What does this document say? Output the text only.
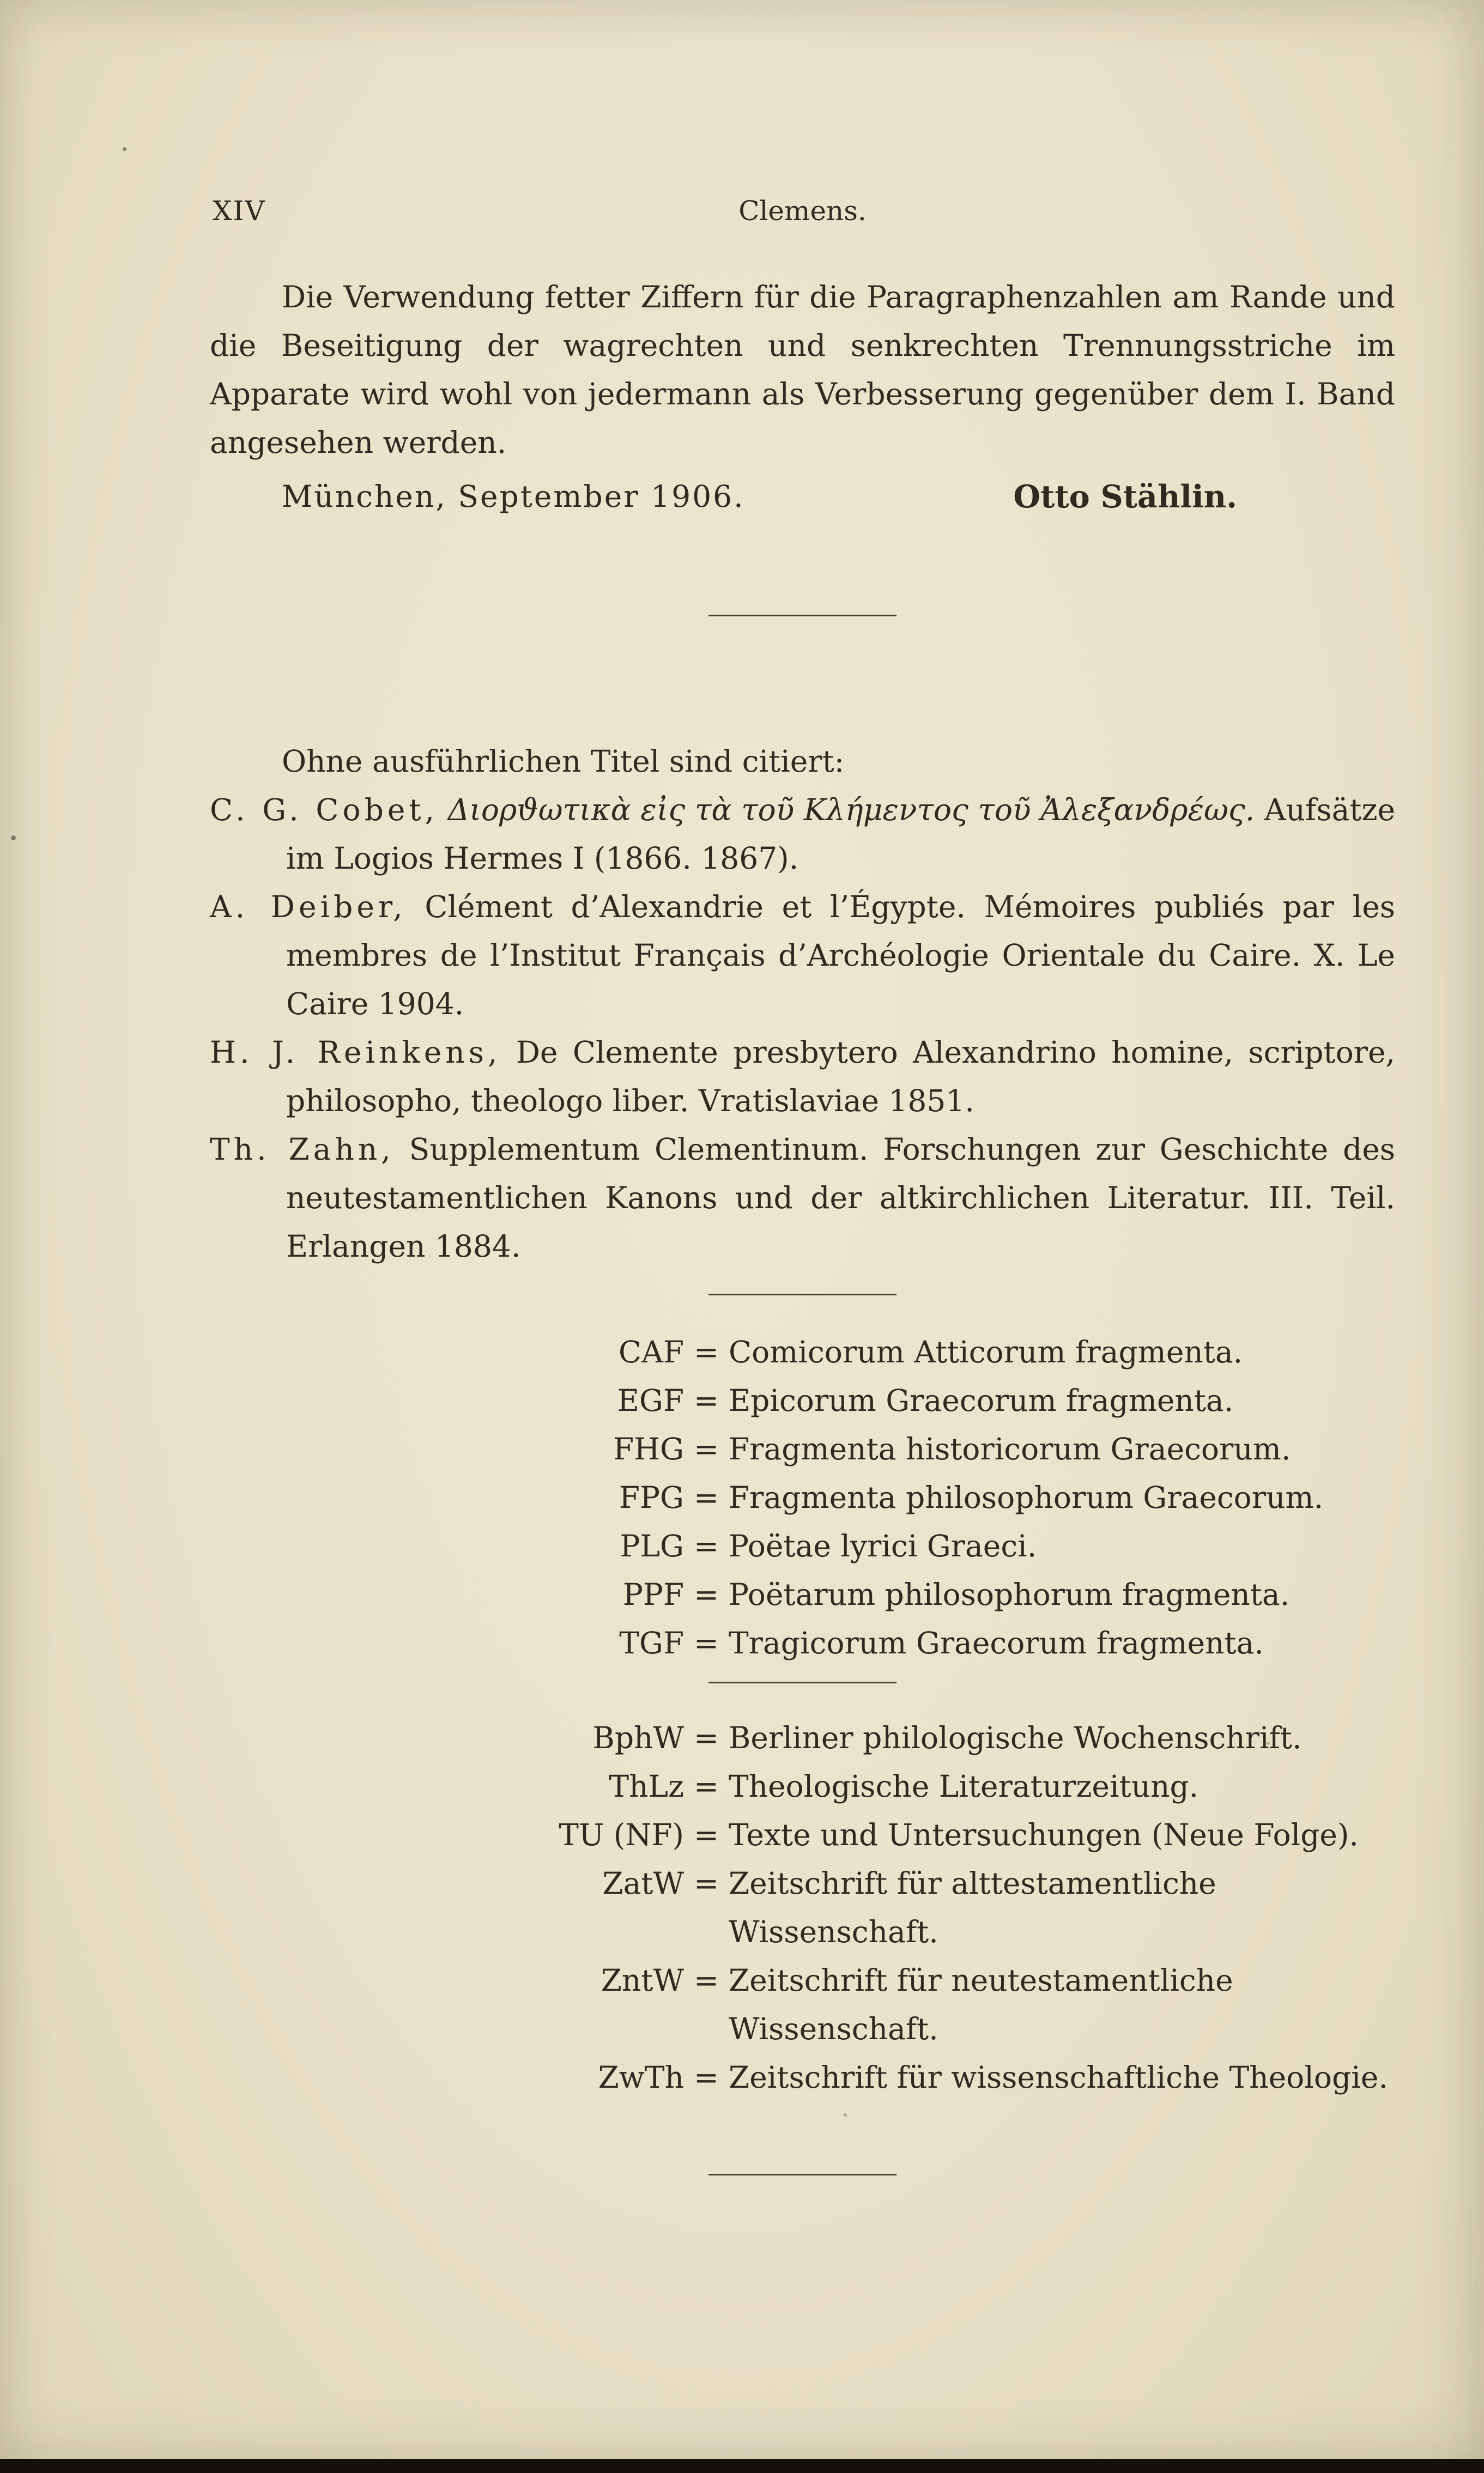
XIV	Clemens.
Die Verwendung fetter Ziffern für die Paragraphenzahlen am Rande und die Beseitigung der wagrechten und senkrechten Trennungsstriche im Apparate wird wohl von jedermann als Verbesserung gegenüber dem I. Band angesehen werden.
München, September 1906.	Otto Stählin.
Ohne ausführlichen Titel sind citiert:
C. G. Cobet, Διορϑωτικὰ εἰς τὰ τοῦ Κλήμεντος τοῦ Ἀλεξανδρέως. Aufsätze im Logios Hermes I (1866. 1867).
A. Deiber, Clément d’Alexandrie et l’Égypte. Mémoires publiés par les membres de l’Institut Français d’Archéologie Orientale du Caire. X. Le Caire 1904.
H. J. Reinkens, De Clemente presbytero Alexandrino homine, scriptore, philosopho, theologo liber. Vratislaviae 1851.
Th. Zahn, Supplementum Clementinum. Forschungen zur Geschichte des neutestamentlichen Kanons und der altkirchlichen Literatur. III. Teil. Erlangen 1884.
CAF = Comicorum Atticorum fragmenta.
EGF = Epicorum Graecorum fragmenta.
FHG = Fragmenta historicorum Graecorum.
FPG = Fragmenta philosophorum Graecorum.
PLG = Poëtae lyrici Graeci.
PPF = Poëtarum philosophorum fragmenta.
TGF = Tragicorum Graecorum fragmenta.
BphW = Berliner philologische Wochenschrift.
ThLz = Theologische Literaturzeitung.
TU (NF) = Texte und Untersuchungen (Neue Folge).
ZatW = Zeitschrift für alttestamentliche Wissenschaft.
ZntW = Zeitschrift für neutestamentliche Wissenschaft.
ZwTh = Zeitschrift für wissenschaftliche Theologie.
